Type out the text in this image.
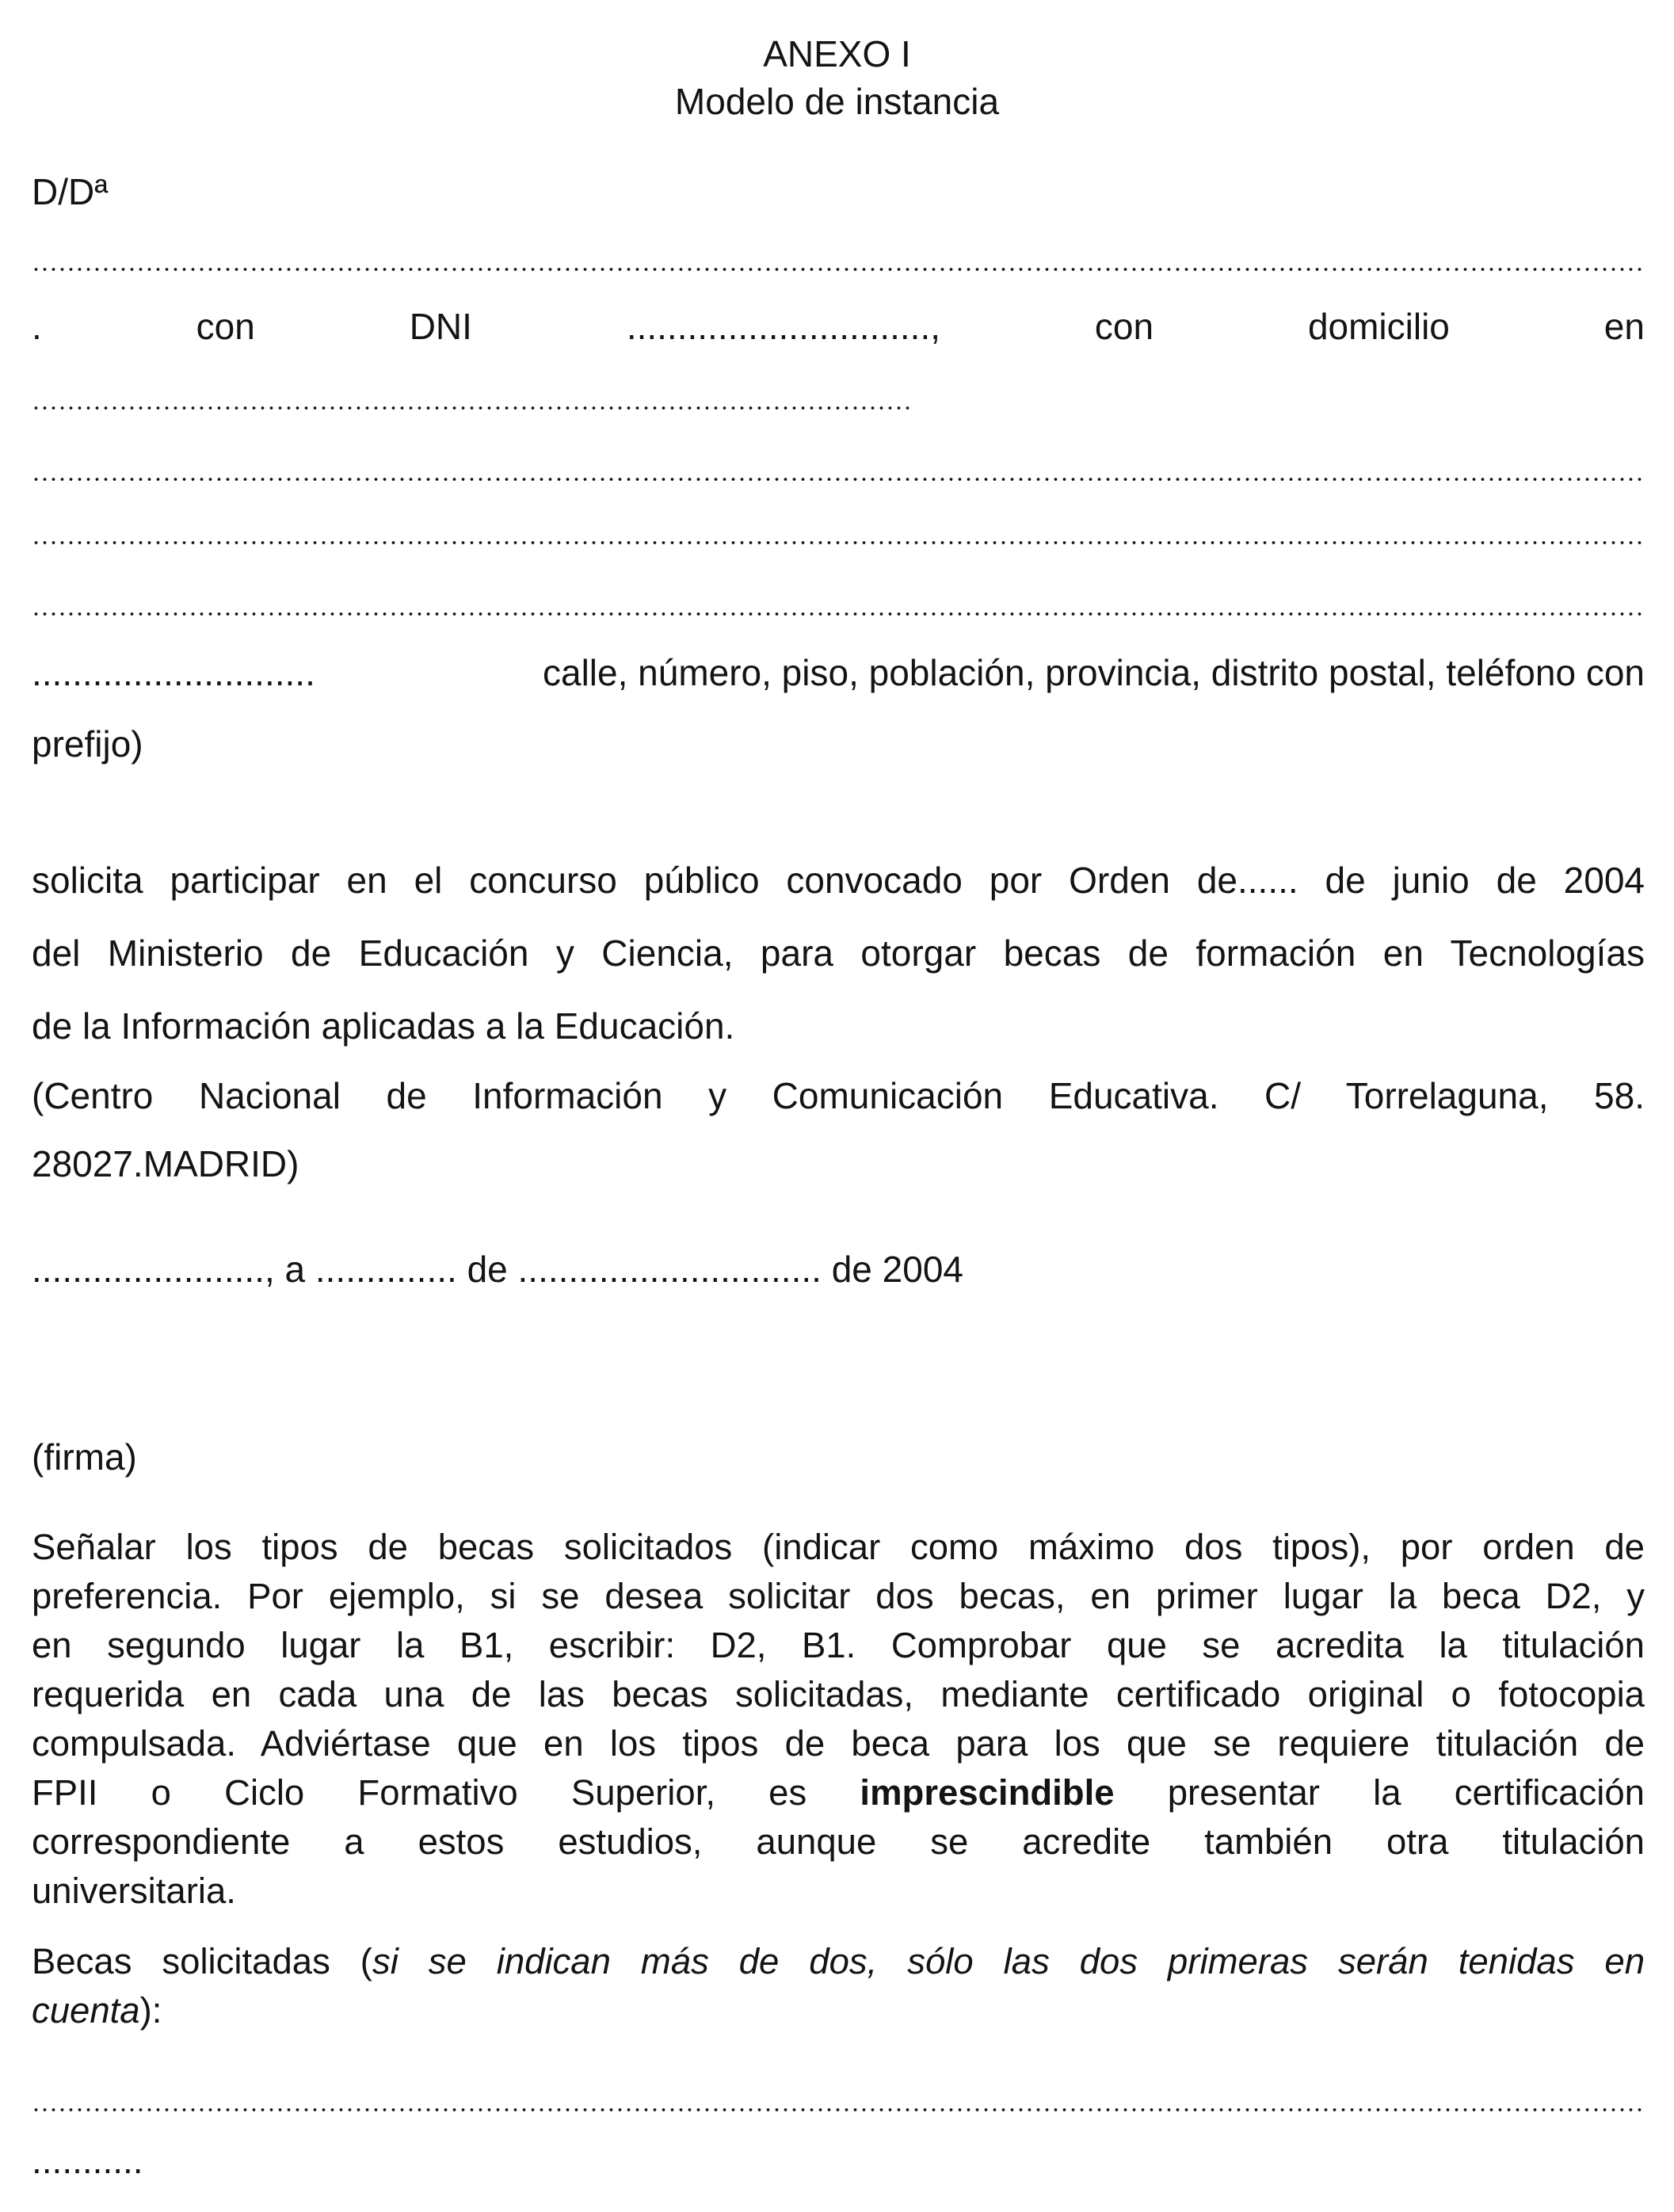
ANEXO I
Modelo de instancia
D/Dª
.	con	DNI	..............................,	con	domicilio	en
............................	calle, número, piso, población, provincia, distrito postal, teléfono con
prefijo)
solicita participar en el concurso público convocado por Orden de...... de junio de 2004
del Ministerio de Educación y Ciencia, para otorgar becas de formación en Tecnologías
de la Información aplicadas a la Educación.
(Centro Nacional de Información y Comunicación Educativa. C/ Torrelaguna, 58.
28027.MADRID)
......................., a .............. de .............................. de 2004
(firma)
Señalar los tipos de becas solicitados (indicar como máximo dos tipos), por orden de
preferencia. Por ejemplo, si se desea solicitar dos becas, en primer lugar la beca D2, y
en segundo lugar la B1, escribir: D2, B1. Comprobar que se acredita la titulación
requerida en cada una de las becas solicitadas, mediante certificado original o fotocopia
compulsada. Adviértase que en los tipos de beca para los que se requiere titulación de
FPII o Ciclo Formativo Superior, es imprescindible presentar la certificación
correspondiente a estos estudios, aunque se acredite también otra titulación
universitaria.
Becas solicitadas (si se indican más de dos, sólo las dos primeras serán tenidas en
cuenta):
...........
